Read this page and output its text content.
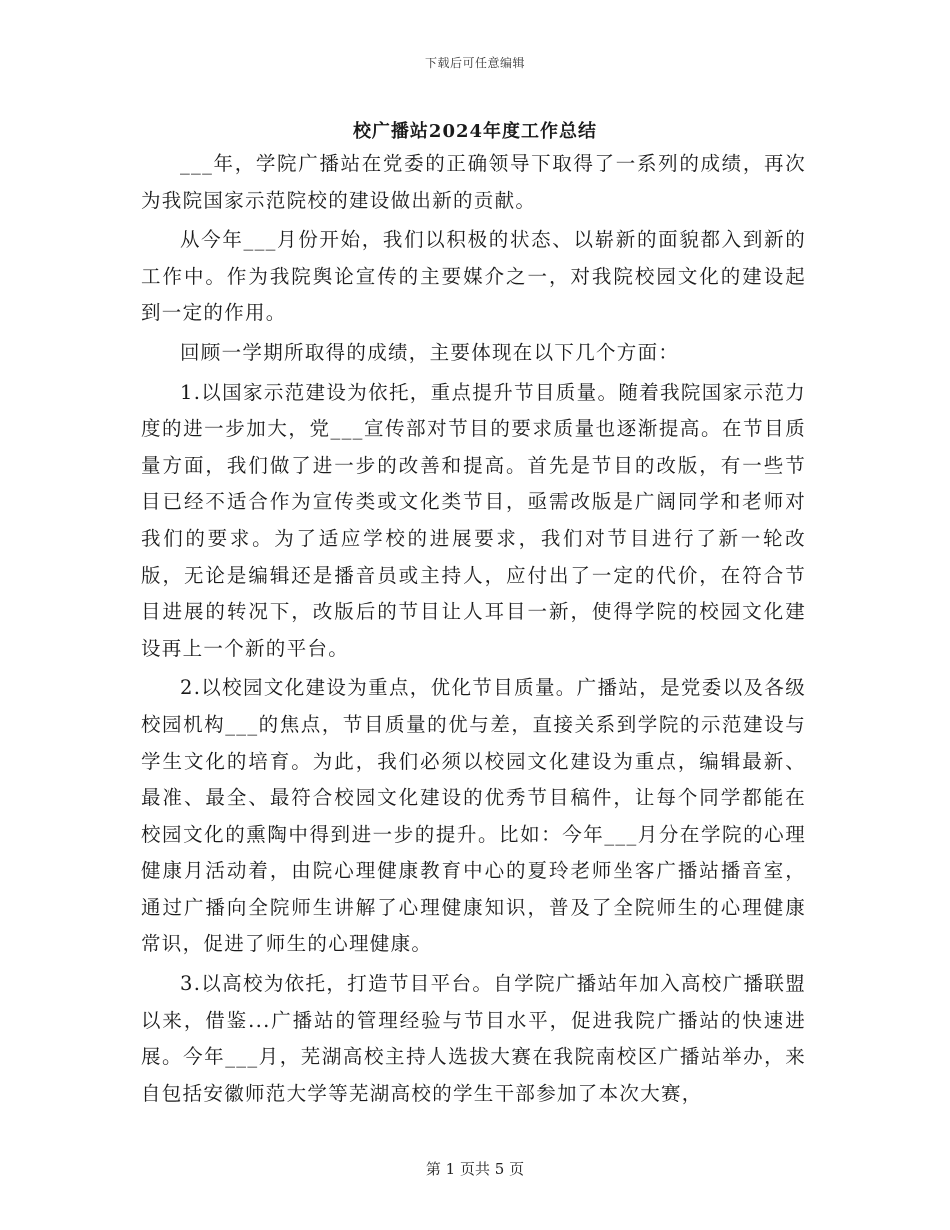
下载后可任意编辑
校广播站2024年度工作总结

___年，学院广播站在党委的正确领导下取得了一系列的成绩，再次为我院国家示范院校的建设做出新的贡献。

从今年___月份开始，我们以积极的状态、以崭新的面貌都入到新的工作中。作为我院舆论宣传的主要媒介之一，对我院校园文化的建设起到一定的作用。

回顾一学期所取得的成绩，主要体现在以下几个方面：

1.以国家示范建设为依托，重点提升节目质量。随着我院国家示范力度的进一步加大，党___宣传部对节目的要求质量也逐渐提高。在节目质量方面，我们做了进一步的改善和提高。首先是节目的改版，有一些节目已经不适合作为宣传类或文化类节目，亟需改版是广阔同学和老师对我们的要求。为了适应学校的进展要求，我们对节目进行了新一轮改版，无论是编辑还是播音员或主持人，应付出了一定的代价，在符合节目进展的转况下，改版后的节目让人耳目一新，使得学院的校园文化建设再上一个新的平台。

2.以校园文化建设为重点，优化节目质量。广播站，是党委以及各级校园机构___的焦点，节目质量的优与差，直接关系到学院的示范建设与学生文化的培育。为此，我们必须以校园文化建设为重点，编辑最新、最准、最全、最符合校园文化建设的优秀节目稿件，让每个同学都能在校园文化的熏陶中得到进一步的提升。比如：今年___月分在学院的心理健康月活动着，由院心理健康教育中心的夏玲老师坐客广播站播音室，通过广播向全院师生讲解了心理健康知识，普及了全院师生的心理健康常识，促进了师生的心理健康。

3.以高校为依托，打造节目平台。自学院广播站年加入高校广播联盟以来，借鉴...广播站的管理经验与节目水平，促进我院广播站的快速进展。今年___月，芜湖高校主持人选拔大赛在我院南校区广播站举办，来自包括安徽师范大学等芜湖高校的学生干部参加了本次大赛，

第 1 页共 5 页
